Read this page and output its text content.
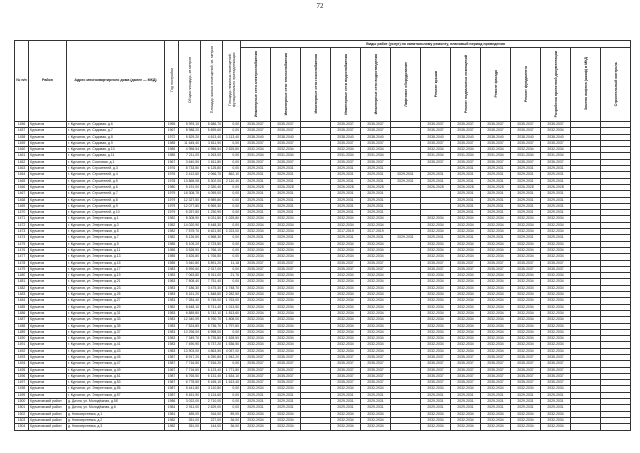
72
№ п/п	Район	Адрес многоквартирного дома (далее — МКД)	Год постройки	Общая площадь, кв.метров	Площадь жилых помещений, кв. метров	Площадь нежилых помещений, функционально принадлежащих	Виды работ (услуг) по капитальному ремонту, плановый период проведения												
							Инженерные сети электроснабжения	Инженерные сети теплоснабжения	Инженерные сети газоснабжения	Инженерные сети водоснабжения	Инженерные сети водоотведения	Лифтовое оборудование	Ремонт крыши	Ремонт подвальных помещений	Ремонт фасада	Ремонт фундамента	Разработка проектной документации	Замена лифтов (шкаф) в МКД	Строительный контроль
1456	Курчатов	г. Курчатов, ул. Садовая, д.6	1955	5 993,10	5 686,70	0,00	2035-2037	2035-2037		2035-2037	2035-2037		2035-2037	2035-2037	2035-2037	2035-2037	2035-2037		
1457	Курчатов	г. Курчатов, ул. Садовая, д.7	1967	8 988,20	5 899,60	0,00	2035-2037	2035-2037		2035-2037	2035-2037		2035-2037	2035-2037	2035-2037	2035-2037	2032-2034		
1458	Курчатов	г. Курчатов, ул. Садовая, д.8	1972	5 529,20	4 613,40	1 113,40	2038-2040	2038-2040		2038-2040	2038-2040		2038-2040	2038-2040	2038-2040	2038-2040	2038-2040		
1459	Курчатов	г. Курчатов, ул. Садовая, д.9	1985	11 645,40	3 811,90	0,00	2035-2037	2035-2037		2035-2037	2035-2037		2035-2037	2035-2037	2035-2037	2035-2037	2035-2037		
1460	Курчатов	г. Курчатов, ул. Садовая, д.10	1985	4 956,54	4 956,54	2 525,80	2032-2034	2032-2034		2032-2034	2032-2034		2032-2034	2032-2034	2032-2034	2032-2034	2032-2034		
1461	Курчатов	г. Курчатов, ул. Садовая, д.11	1985	7 211,00	4 263,00	0,00	2031-2034	2031-2034		2031-2034	2031-2034		2031-2034	2031-2034	2031-2034	2031-2034	2031-2034		
1462	Курчатов	г. Курчатов, ул. Сосновая, д.1	1967	3 640,50	1 611,80	0,00	2035-2037	2035-2037		2035-2037	2035-2037		2035-2037	2035-2037	2035-2037	2035-2037	2035-2037		
1463	Курчатов	г. Курчатов, ул. Строителей, д.3	1976	8 733,50	6 125,80	0,00	2029-2031	2029-2031		2029-2031	2029-2031			2029-2031	2029-2031	2029-2031	2029-2031		
1464	Курчатов	г. Курчатов, ул. Строителей, д.4	1976	2 412,60	2 066,70	862,10	2029-2031	2029-2031		2029-2031	2029-2031	2029-2031	2029-2031	2029-2031	2029-2031	2029-2031	2029-2031		
1465	Курчатов	г. Курчатов, ул. Строителей, д.5	1978	13 868,08	5 302,00	2 110,40	2029-2031	2029-2031		2029-2031	2029-2031	2029-2031	2029-2031	2029-2031	2029-2031	2029-2031	2029-2031		
1466	Курчатов	г. Курчатов, ул. Строителей, д.6	1980	5 191,00	2 330,40	0,00	2026-2028	2026-2028		2026-2028	2026-2028		2026-2028	2026-2028	2026-2028	2026-2028	2026-2028		
1467	Курчатов	г. Курчатов, ул. Строителей, д.7	1979	18 308,75	4 059,00	0,00	2029-2031	2029-2031		2029-2031	2029-2031			2029-2031	2029-2031	2029-2031	2029-2031		
1468	Курчатов	г. Курчатов, ул. Строителей, д.8	1979	12 327,50	5 989,80	0,00	2029-2031	2029-2031		2029-2031	2029-2031			2029-2031	2029-2031	2029-2031	2029-2031		
1469	Курчатов	г. Курчатов, ул. Строителей, д.9	1979	12 077,80	5 969,30	0,00	2029-2031	2029-2031		2029-2031	2029-2031			2029-2031	2029-2031	2029-2031	2029-2031		
1470	Курчатов	г. Курчатов, ул. Строителей, д.10	1979	5 257,80	1 230,90	0,00	2029-2031	2029-2031		2029-2031	2029-2031			2029-2031	2029-2031	2029-2031	2029-2031		
1471	Курчатов	г. Курчатов, ул. Энергетиков, д.1	1982	8 308,90	6 031,80	1 025,80	2032-2034	2032-2034		2032-2034	2032-2034		2032-2034	2032-2034	2032-2034	2032-2034	2032-2034		
1472	Курчатов	г. Курчатов, ул. Энергетиков, д.3	1982	14 020,90	5 448,30	0,00	2032-2034	2032-2034		2032-2034	2032-2034		2032-2034	2032-2034	2032-2034	2032-2034	2032-2034		
1473	Курчатов	г. Курчатов, ул. Энергетиков, д.5	1982	7 575,70	6 621,50	2 223,00	2032-2034	2032-2034		2017-2019	2017-2019		2032-2034	2032-2034	2032-2034	2032-2034	2032-2034		
1474	Курчатов	г. Курчатов, ул. Энергетиков, д.7	1982	5 126,50	4 568,30	0,00	2029-2031	2029-2031		2029-2031	2029-2031	2029-2031	2029-2031	2029-2031	2029-2031	2029-2031	2029-2031		
1475	Курчатов	г. Курчатов, ул. Энергетиков, д.9	1985	5 105,20	2 723,50	0,00	2032-2034	2032-2034		2032-2034	2032-2034		2032-2034	2032-2034	2032-2034	2032-2034	2032-2034		
1476	Курчатов	г. Курчатов, ул. Энергетиков, д.11	1985	3 528,90	1 766,10	0,00	2032-2034	2032-2034		2032-2034	2032-2034		2032-2034	2032-2034	2032-2034	2032-2034	2032-2034		
1477	Курчатов	г. Курчатов, ул. Энергетиков, д.13	1985	3 526,80	1 765,50	0,00	2032-2034	2032-2034		2032-2034	2032-2034		2032-2034	2032-2034	2032-2034	2032-2034	2032-2034		
1478	Курчатов	г. Курчатов, ул. Энергетиков, д.15	1985	3 540,80	5 891,20	11,18	2035-2037	2035-2037		2035-2037	2035-2037		2035-2037	2035-2037	2035-2037	2035-2037	2035-2037		
1479	Курчатов	г. Курчатов, ул. Энергетиков, д.17	1983	5 590,60	2 317,00	0,00	2035-2037	2035-2037		2035-2037	2035-2037		2035-2037	2035-2037	2035-2037	2035-2037	2035-2037		
1480	Курчатов	г. Курчатов, ул. Энергетиков, д.19	1983	7 063,80	5 011,00	21,76	2032-2034	2032-2034		2032-2034	2032-2034		2032-2034	2032-2034	2032-2034	2032-2034	2032-2034		
1481	Курчатов	г. Курчатов, ул. Энергетиков, д.21	1983	7 508,40	7 751,40	0,00	2032-2034	2032-2034		2032-2034	2032-2034		2032-2034	2032-2034	2032-2034	2032-2034	2032-2034		
1482	Курчатов	г. Курчатов, ул. Энергетиков, д.23	1983	7 186,30	3 475,30	1 748,70	2032-2034	2032-2034		2032-2034	2032-2034		2032-2034	2032-2034	2032-2034	2032-2034	2032-2034		
1483	Курчатов	г. Курчатов, ул. Энергетиков, д.25	1983	5 161,20	1 848,80	2 282,50	2032-2034	2032-2034		2032-2034	2032-2034		2032-2034	2032-2034	2032-2034	2032-2034	2032-2034		
1484	Курчатов	г. Курчатов, ул. Энергетиков, д.27	1983	7 284,40	5 745,00	1 763,00	2032-2034	2032-2034		2032-2034	2032-2034		2032-2034	2032-2034	2032-2034	2032-2034	2032-2034		
1485	Курчатов	г. Курчатов, ул. Энергетиков, д.29	1982	8 648,10	5 741,40	1 013,50	2032-2034	2032-2034		2032-2034	2032-2034		2032-2034	2032-2034	2032-2034	2032-2034	2032-2034		
1486	Курчатов	г. Курчатов, ул. Энергетиков, д.31	1983	6 889,80	5 742,10	1 813,60	2032-2034	2032-2034		2032-2034	2032-2034		2032-2034	2032-2034	2032-2034	2032-2034	2032-2034		
1487	Курчатов	г. Курчатов, ул. Энергетиков, д.33	1983	12 340,09	5 760,70	1 808,00	2032-2034	2032-2034		2032-2034	2032-2034		2032-2034	2032-2034	2032-2034	2032-2034	2032-2034		
1488	Курчатов	г. Курчатов, ул. Энергетиков, д.35	1983	7 524,80	5 736,70	1 797,80	2032-2034	2032-2034		2032-2034	2032-2034		2032-2034	2032-2034	2032-2034	2032-2034	2032-2034		
1489	Курчатов	г. Курчатов, ул. Энергетиков, д.37	1983	10 296,00	6 998,00	0,00	2032-2034	2032-2034		2032-2034	2032-2034		2032-2034	2032-2034	2032-2034	2032-2034	2032-2034		
1490	Курчатов	г. Курчатов, ул. Энергетиков, д.39	1983	7 349,70	5 735,80	1 528,90	2032-2034	2032-2034		2032-2034	2032-2034		2032-2034	2032-2034	2032-2034	2032-2034	2032-2034		
1491	Курчатов	г. Курчатов, ул. Энергетиков, д.41	1983	7 490,90	5 737,20	1 536,50	2032-2034	2032-2034		2032-2034	2032-2034		2032-2034	2032-2034	2032-2034	2032-2034	2032-2034		
1492	Курчатов	г. Курчатов, ул. Энергетиков, д.43	1983	13 903,00	4 863,50	4 057,00	2032-2034	2032-2034		2032-2034	2032-2034		2032-2034	2032-2034	2032-2034	2032-2034	2032-2034		
1493	Курчатов	г. Курчатов, ул. Энергетиков, д.45	1987	8 917,20	6 250,80	1 942,20	2035-2037	2035-2037		2035-2037	2035-2037		2035-2037	2035-2037	2035-2037	2035-2037	2035-2037		
1494	Курчатов	г. Курчатов, ул. Энергетиков, д.47	1987	7 716,50	7 516,20	0,00	2035-2037	2035-2037		2035-2037	2035-2037		2035-2037	2035-2037	2035-2037	2035-2037	2035-2037		
1495	Курчатов	г. Курчатов, ул. Энергетиков, д.49	1987	7 716,60	6 123,40	1 771,80	2035-2037	2035-2037		2035-2037	2035-2037		2035-2037	2035-2037	2035-2037	2035-2037	2035-2037		
1496	Курчатов	г. Курчатов, ул. Энергетиков, д.51	1987	6 765,50	5 131,40	1 634,10	2035-2037	2035-2037		2035-2037	2035-2037		2035-2037	2035-2037	2035-2037	2035-2037	2035-2037		
1497	Курчатов	г. Курчатов, ул. Энергетиков, д.53	1987	6 778,50	5 165,10	1 613,40	2035-2037	2035-2037		2035-2037	2035-2037		2035-2037	2035-2037	2035-2037	2035-2037	2035-2037		
1498	Курчатов	г. Курчатов, ул. Энергетиков, д.55	1987	5 441,80	3 110,80	0,00	2032-2034	2032-2034		2032-2034	2032-2034		2032-2034	2032-2034	2032-2034	2032-2034	2032-2034		
1499	Курчатов	г. Курчатов, ул. Энергетиков, д.57	1987	5 451,90	3 124,60	0,00	2029-2031	2029-2031		2029-2031	2029-2031		2029-2031	2029-2031	2029-2031	2029-2031	2029-2031		
1500	Курчатовский район	д. Дичня, ул. Молодёжная, д.5б	1986	3 022,00	2 710,00	0,00	2029-2031	2029-2031		2029-2031	2029-2031		2029-2031	2029-2031	2029-2031	2029-2031	2029-2031		
1501	Курчатовский район	д. Дичня, ул. Молодёжная, д.6	1984	2 911,00	2 629,00	0,00	2029-2031	2029-2031		2029-2031	2029-2031		2029-2031	2029-2031	2029-2031	2029-2031	2029-2031		
1502	Курчатовский район	д. Новосергеевка, д.1	1981	485,00	316,00	89,00	2032-2034	2032-2034		2032-2034	2032-2034		2032-2034	2032-2034	2032-2034	2032-2034	2032-2034		
1503	Курчатовский район	д. Новосергеевка, д.2	1982	351,00	227,00	36,00	2032-2034	2032-2034		2032-2034	2032-2034		2032-2034	2032-2034	2032-2034	2032-2034	2032-2034		
1504	Курчатовский район	д. Новосергеевка, д.3	1982	351,00	144,00	36,00	2032-2034	2032-2034		2032-2034	2032-2034		2032-2034	2032-2034	2032-2034	2032-2034	2032-2034		
